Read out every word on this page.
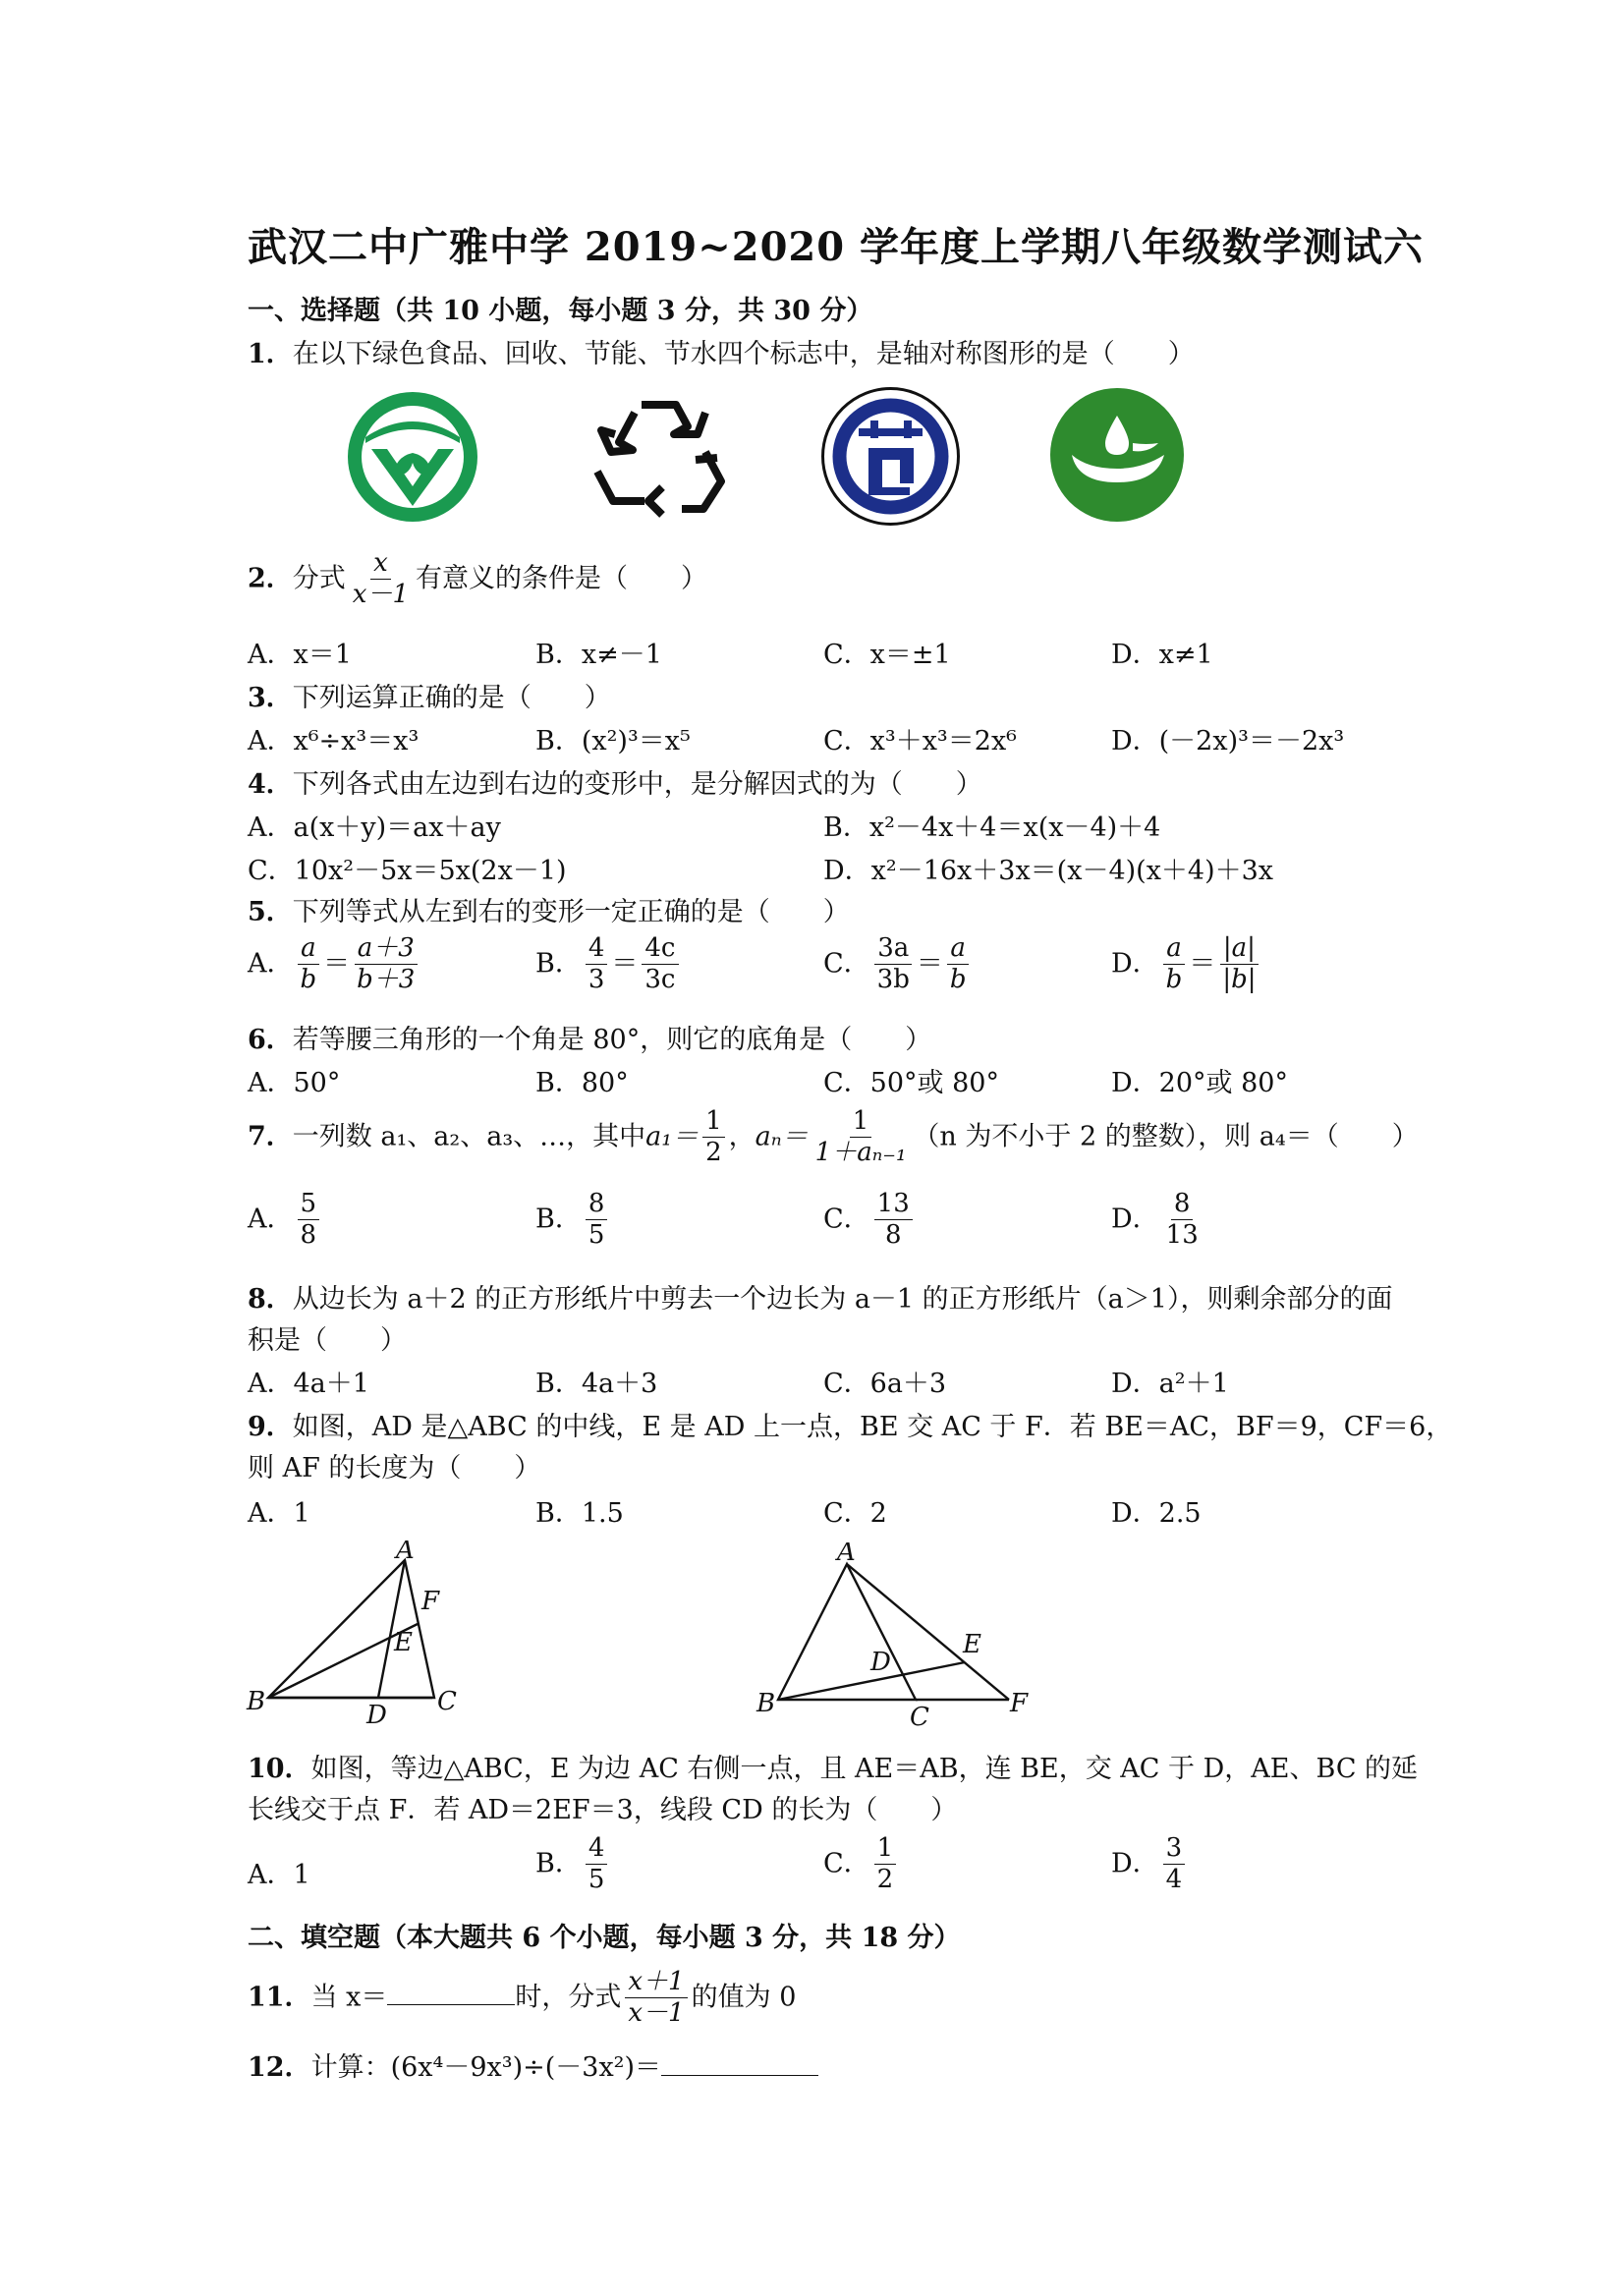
武汉二中广雅中学 2019~2020 学年度上学期八年级数学测试六
一、选择题（共 10 小题，每小题 3 分，共 30 分）
1．在以下绿色食品、回收、节能、节水四个标志中，是轴对称图形的是（　　）
2．分式 $\frac{x}{x-1}$ 有意义的条件是（　　）
A．x＝1	B．x≠－1	C．x＝±1	D．x≠1
3．下列运算正确的是（　　）
A．x⁶÷x³＝x³	B．(x²)³＝x⁵	C．x³＋x³＝2x⁶	D．(－2x)³＝－2x³
4．下列各式由左边到右边的变形中，是分解因式的为（　　）
A．a(x＋y)＝ax＋ay	B．x²－4x＋4＝x(x－4)＋4
C．10x²－5x＝5x(2x－1)	D．x²－16x＋3x＝(x－4)(x＋4)＋3x
5．下列等式从左到右的变形一定正确的是（　　）
A． $\frac{a}{b} = \frac{a+3}{b+3}$	B． $\frac{4}{3} = \frac{4c}{3c}$	C． $\frac{3a}{3b} = \frac{a}{b}$	D． $\frac{a}{b} = \frac{|a|}{|b|}$
6．若等腰三角形的一个角是 80°，则它的底角是（　　）
A．50°	B．80°	C．50°或 80°	D．20°或 80°
7．一列数 a₁、a₂、a₃、…，其中$a_1= \frac{1}{2}$ ，$a_n= \frac{1}{\text{1＋aₙ₋₁}} (n$ 为不小于 2 的整数），则 a₄＝（　　）
A． $\frac{5}{8}$	B． $\frac{8}{5}$	C． $\frac{13}{8}$	D． $\frac{8}{13}$
8．从边长为 a＋2 的正方形纸片中剪去一个边长为 a－1 的正方形纸片（a＞1），则剩余部分的面
积是（　　）
A．4a＋1	B．4a＋3	C．6a＋3	D．a²＋1
9．如图，AD 是△ABC 的中线，E 是 AD 上一点，BE 交 AC 于 F．若 BE＝AC，BF＝9，CF＝6，
则 AF 的长度为（　　）
A．1	B．1.5	C．2	D．2.5
A
B	C
D
E
F
A
B	C
D
E
F
10．如图，等边△ABC，E 为边 AC 右侧一点，且 AE＝AB，连 BE，交 AC 于 D，AE、BC 的延
长线交于点 F．若 AD＝2EF＝3，线段 CD 的长为（　　）
A．1	B． $\frac{4}{5}$	C． $\frac{1}{2}$	D． $\frac{3}{4}$
二、填空题（本大题共 6 个小题，每小题 3 分，共 18 分）
11．当 x＝	时，分式 $\frac{x+1}{x-1}$ 的值为 0
12．计算：(6x⁴－9x³)÷(－3x²)＝
